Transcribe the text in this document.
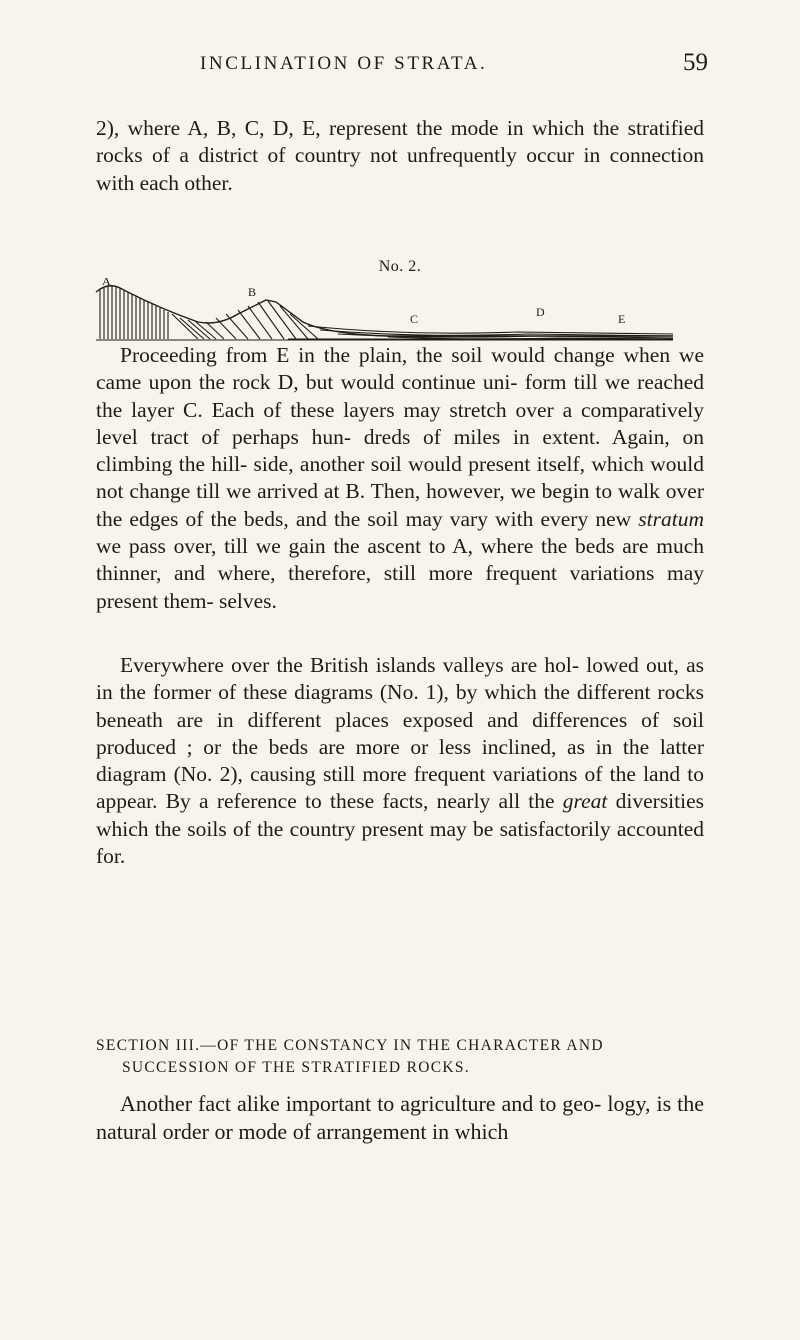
INCLINATION OF STRATA.	59

2), where A, B, C, D, E, represent the mode in which the stratified rocks of a district of country not unfrequently occur in connection with each other.

No. 2.
A
B
C	D	E

Proceeding from E in the plain, the soil would change when we came upon the rock D, but would continue uni- form till we reached the layer C. Each of these layers may stretch over a comparatively level tract of perhaps hun- dreds of miles in extent. Again, on climbing the hill- side, another soil would present itself, which would not change till we arrived at B. Then, however, we begin to walk over the edges of the beds, and the soil may vary with every new stratum we pass over, till we gain the ascent to A, where the beds are much thinner, and where, therefore, still more frequent variations may present them- selves.

Everywhere over the British islands valleys are hol- lowed out, as in the former of these diagrams (No. 1), by which the different rocks beneath are in different places exposed and differences of soil produced ; or the beds are more or less inclined, as in the latter diagram (No. 2), causing still more frequent variations of the land to appear. By a reference to these facts, nearly all the great diversities which the soils of the country present may be satisfactorily accounted for.

SECTION III.—OF THE CONSTANCY IN THE CHARACTER AND
SUCCESSION OF THE STRATIFIED ROCKS.

Another fact alike important to agriculture and to geo- logy, is the natural order or mode of arrangement in which
